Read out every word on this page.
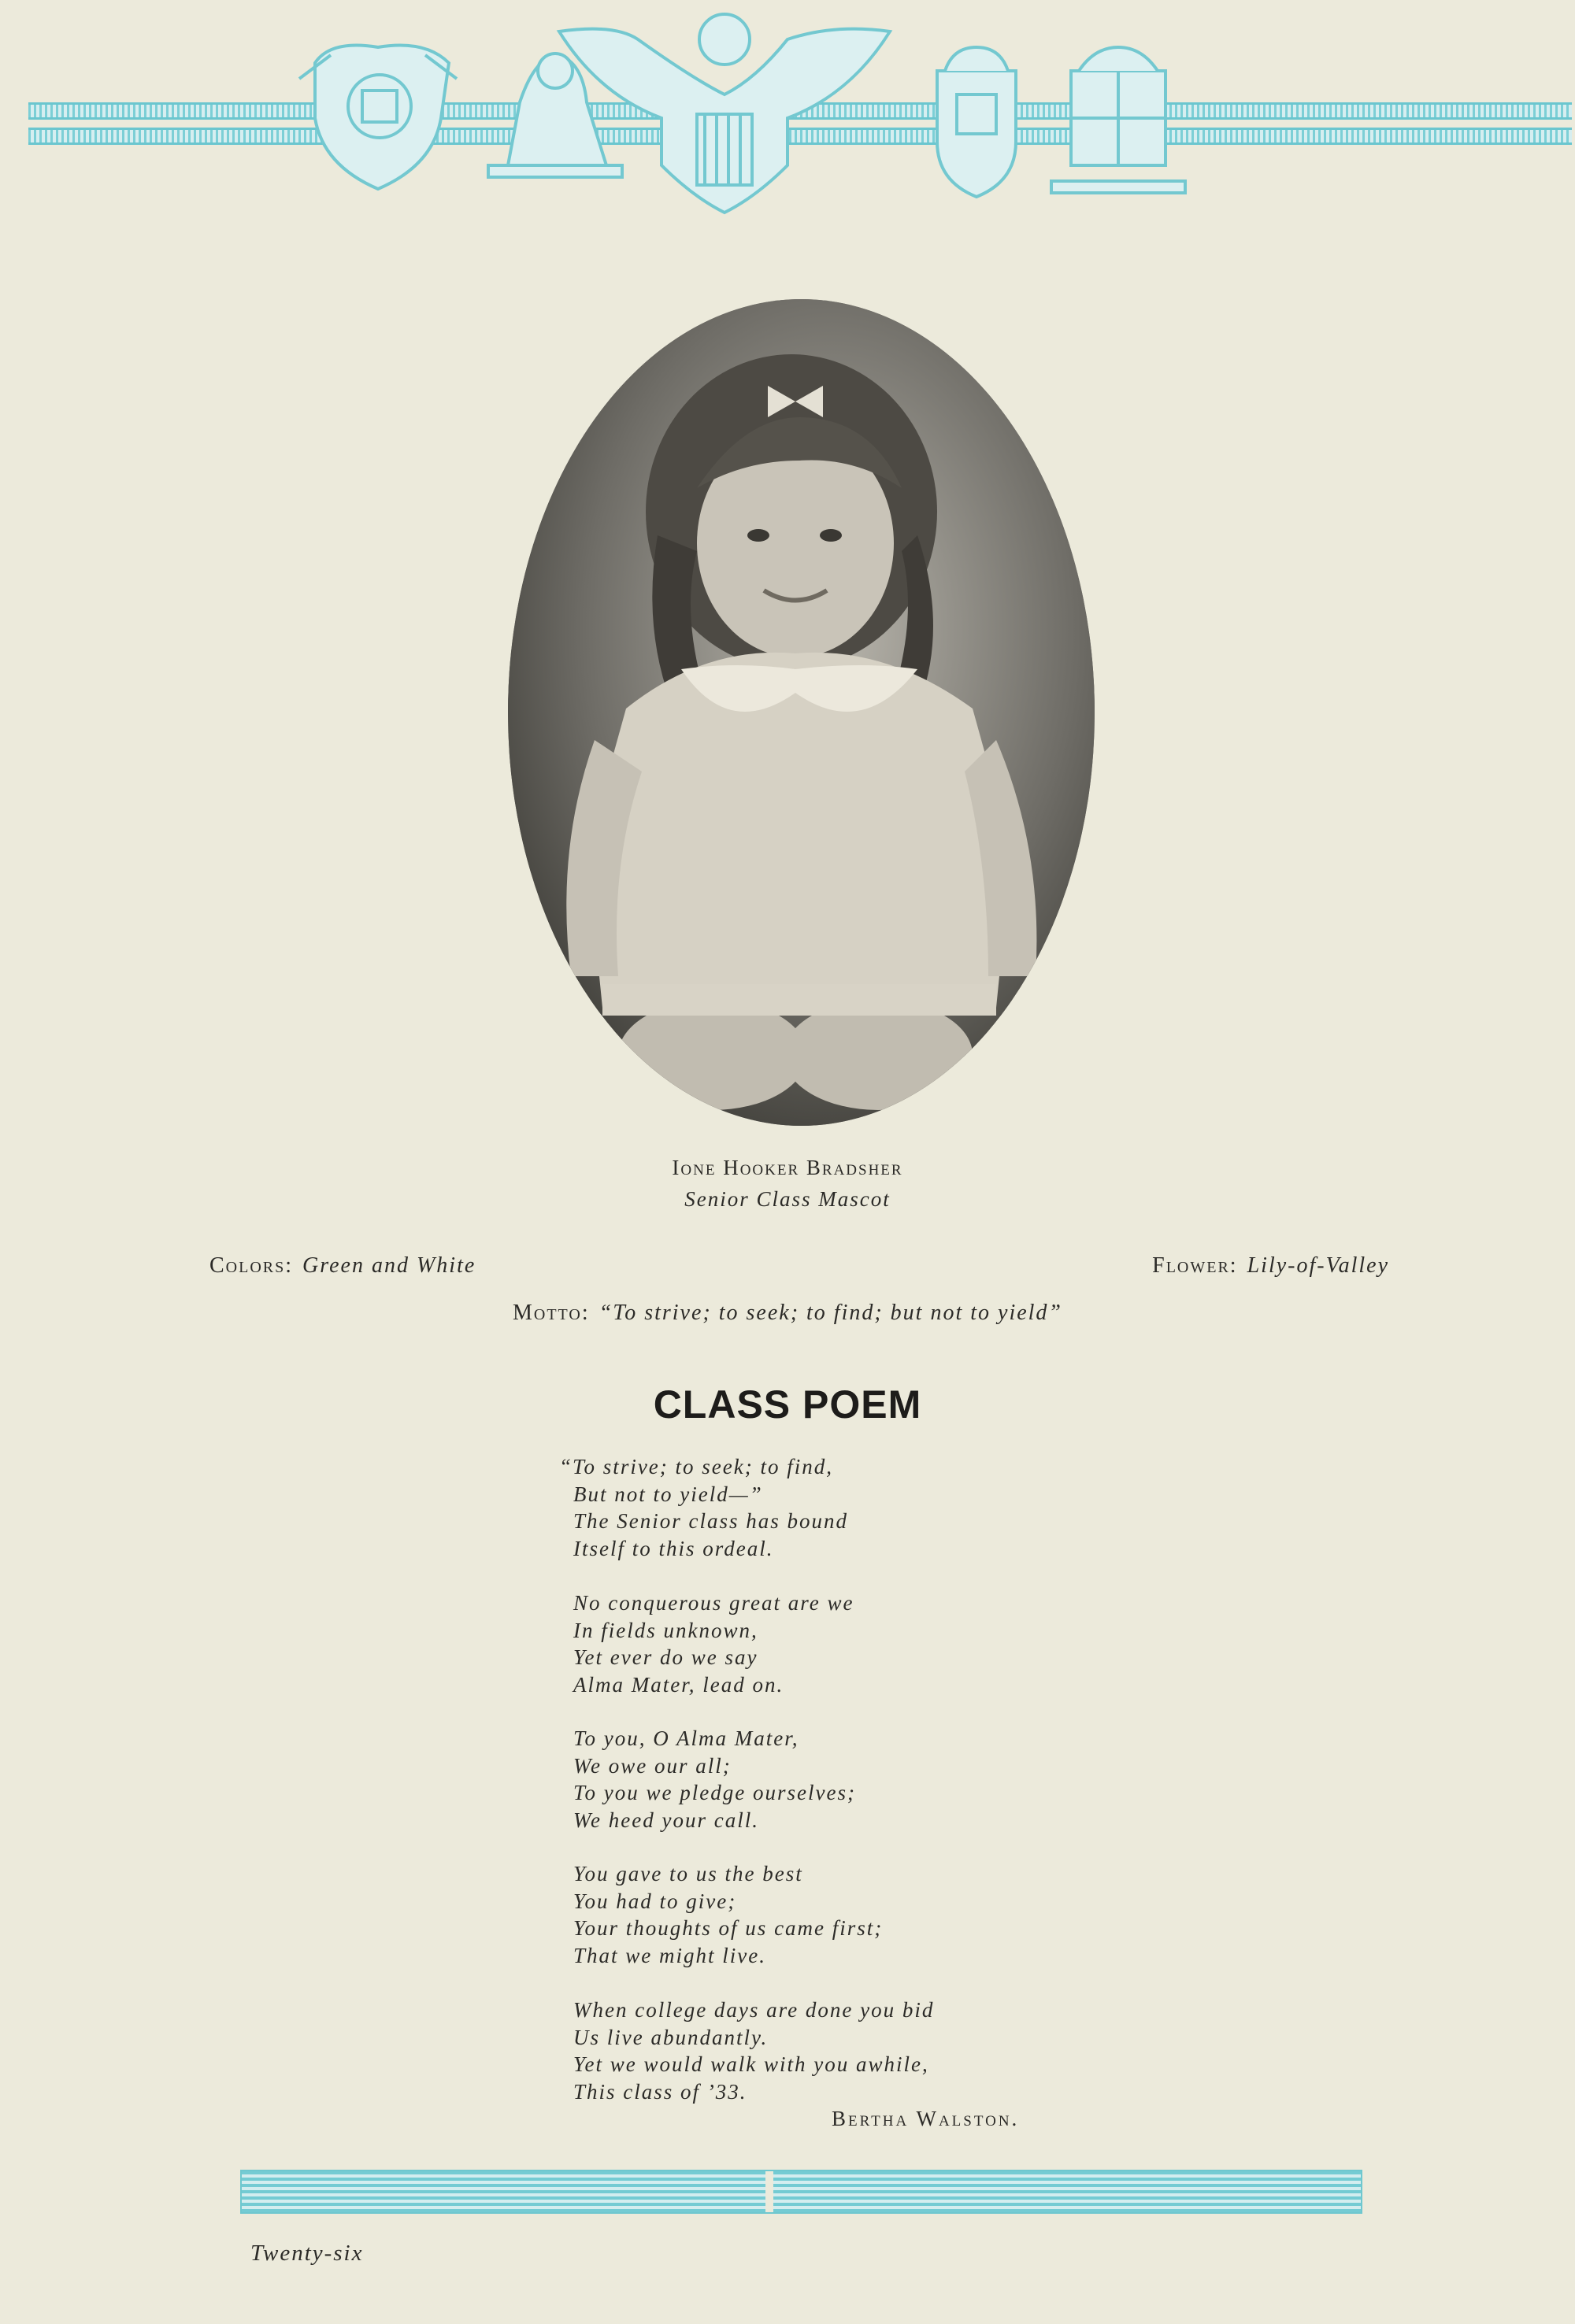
Ione Hooker Bradsher
Senior Class Mascot
Colors: Green and White	Flower: Lily-of-Valley
Motto: “To strive; to seek; to find; but not to yield”
CLASS POEM
“To strive; to seek; to find,
But not to yield—”
The Senior class has bound
Itself to this ordeal.
No conquerous great are we
In fields unknown,
Yet ever do we say
Alma Mater, lead on.
To you, O Alma Mater,
We owe our all;
To you we pledge ourselves;
We heed your call.
You gave to us the best
You had to give;
Your thoughts of us came first;
That we might live.
When college days are done you bid
Us live abundantly.
Yet we would walk with you awhile,
This class of ’33.
Bertha Walston.
Twenty-six
